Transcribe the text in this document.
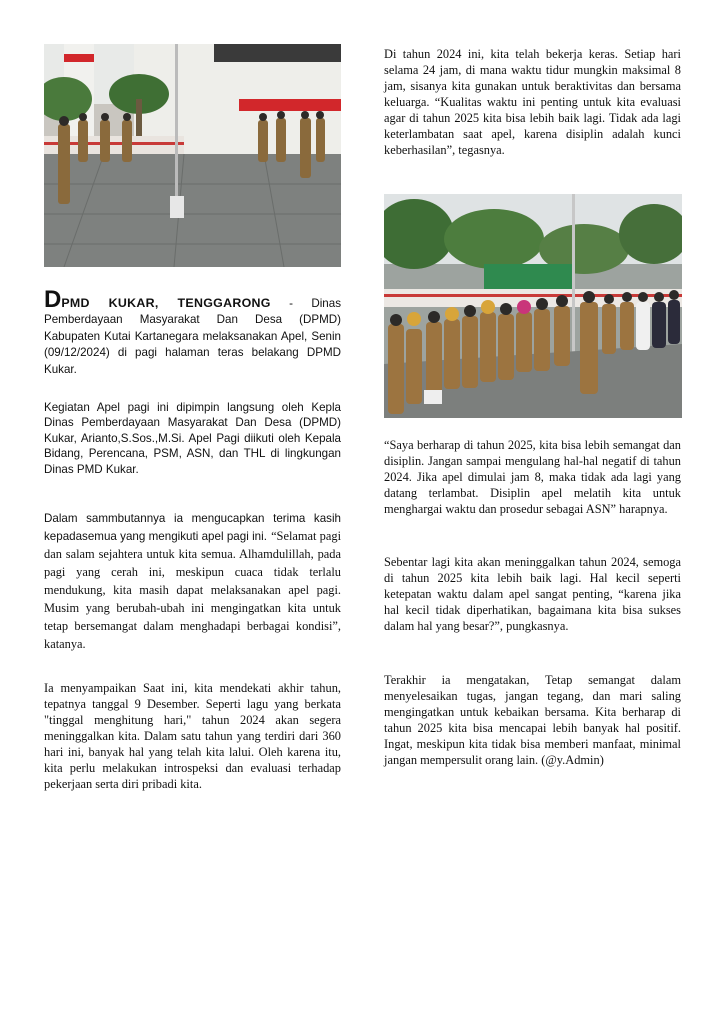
DPMD KUKAR, TENGGARONG - Dinas Pemberdayaan Masyarakat Dan Desa (DPMD) Kabupaten Kutai Kartanegara melaksanakan Apel, Senin (09/12/2024) di pagi halaman teras belakang DPMD Kukar.

Kegiatan Apel pagi ini dipimpin langsung oleh Kepla Dinas Pemberdayaan Masyarakat Dan Desa (DPMD) Kukar, Arianto,S.Sos.,M.Si. Apel Pagi diikuti oleh Kepala Bidang, Perencana, PSM, ASN, dan THL di lingkungan Dinas PMD Kukar.

Dalam sammbutannya ia mengucapkan terima kasih kepadasemua yang mengikuti apel pagi ini. “Selamat pagi dan salam sejahtera untuk kita semua. Alhamdulillah, pada pagi yang cerah ini, meskipun cuaca tidak terlalu mendukung, kita masih dapat melaksanakan apel pagi. Musim yang berubah-ubah ini mengingatkan kita untuk tetap bersemangat dalam menghadapi berbagai kondisi”, katanya.

Ia menyampaikan Saat ini, kita mendekati akhir tahun, tepatnya tanggal 9 Desember. Seperti lagu yang berkata "tinggal menghitung hari," tahun 2024 akan segera meninggalkan kita. Dalam satu tahun yang terdiri dari 360 hari ini, banyak hal yang telah kita lalui. Oleh karena itu, kita perlu melakukan introspeksi dan evaluasi terhadap pekerjaan serta diri pribadi kita.

Di tahun 2024 ini, kita telah bekerja keras. Setiap hari selama 24 jam, di mana waktu tidur mungkin maksimal 8 jam, sisanya kita gunakan untuk beraktivitas dan bersama keluarga. “Kualitas waktu ini penting untuk kita evaluasi agar di tahun 2025 kita bisa lebih baik lagi. Tidak ada lagi keterlambatan saat apel, karena disiplin adalah kunci keberhasilan”, tegasnya.

“Saya berharap di tahun 2025, kita bisa lebih semangat dan disiplin. Jangan sampai mengulang hal-hal negatif di tahun 2024. Jika apel dimulai jam 8, maka tidak ada lagi yang datang terlambat. Disiplin apel melatih kita untuk menghargai waktu dan prosedur sebagai ASN” harapnya.

Sebentar lagi kita akan meninggalkan tahun 2024, semoga di tahun 2025 kita lebih baik lagi. Hal kecil seperti ketepatan waktu dalam apel sangat penting, “karena jika hal kecil tidak diperhatikan, bagaimana kita bisa sukses dalam hal yang besar?”, pungkasnya.

Terakhir ia mengatakan, Tetap semangat dalam menyelesaikan tugas, jangan tegang, dan mari saling mengingatkan untuk kebaikan bersama. Kita berharap di tahun 2025 kita bisa mencapai lebih banyak hal positif. Ingat, meskipun kita tidak bisa memberi manfaat, minimal jangan mempersulit orang lain. (@y.Admin)
